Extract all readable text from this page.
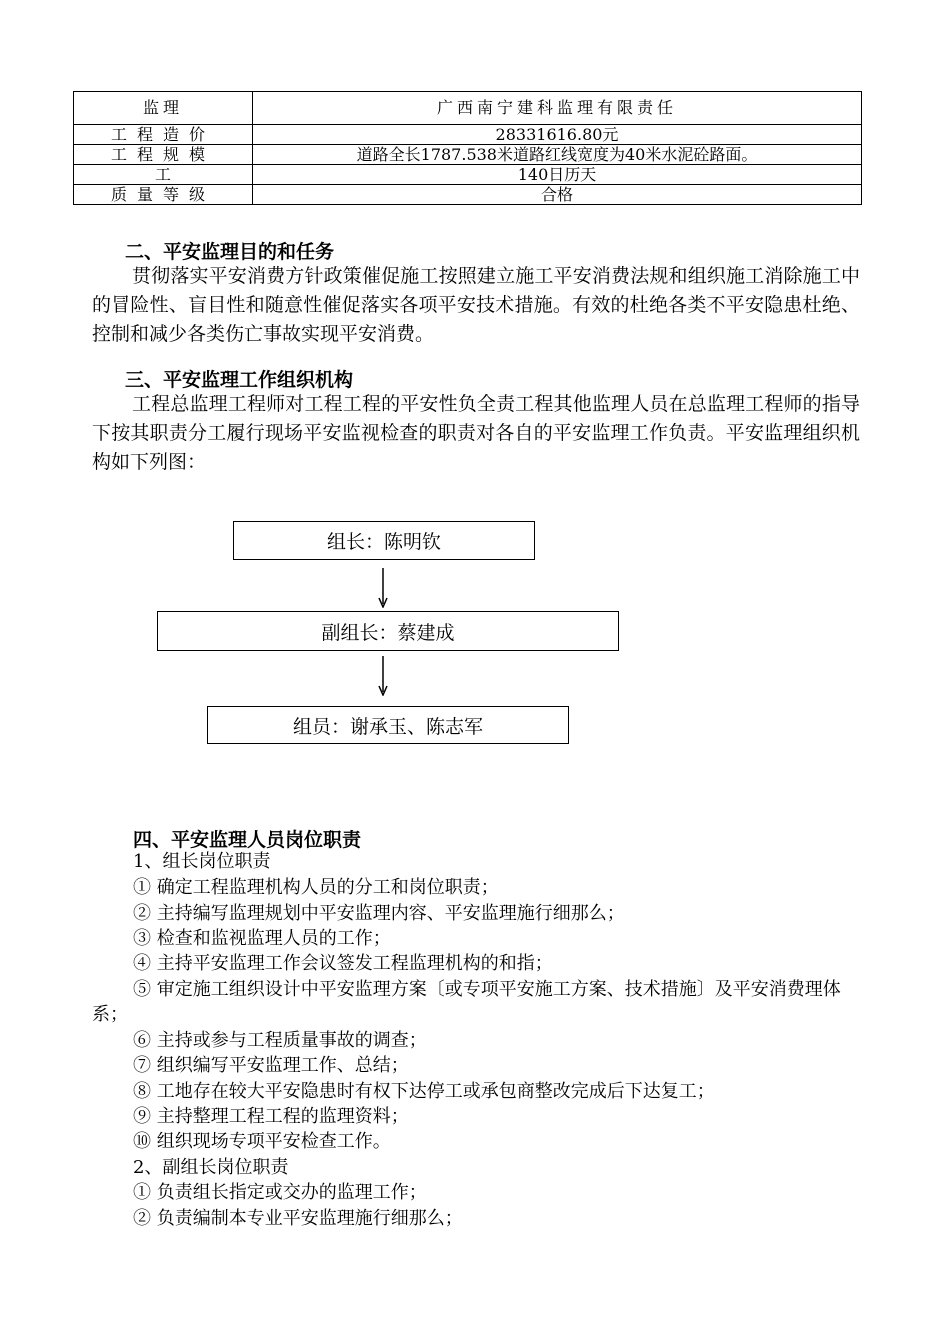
监理	广西南宁建科监理有限责任
工程造价	28331616.80元
工程规模	道路全长1787.538米道路红线宽度为40米水泥砼路面。
工	140日历天
质量等级	合格
二、平安监理目的和任务
贯彻落实平安消费方针政策催促施工按照建立施工平安消费法规和组织施工消除施工中的冒险性、盲目性和随意性催促落实各项平安技术措施。有效的杜绝各类不平安隐患杜绝、控制和减少各类伤亡事故实现平安消费。
三、平安监理工作组织机构
工程总监理工程师对工程工程的平安性负全责工程其他监理人员在总监理工程师的指导下按其职责分工履行现场平安监视检查的职责对各自的平安监理工作负责。平安监理组织机构如下列图：
组长：陈明钦
副组长：蔡建成
组员：谢承玉、陈志军
四、平安监理人员岗位职责
1、组长岗位职责
① 确定工程监理机构人员的分工和岗位职责；
② 主持编写监理规划中平安监理内容、平安监理施行细那么；
③ 检查和监视监理人员的工作；
④ 主持平安监理工作会议签发工程监理机构的和指；
⑤ 审定施工组织设计中平安监理方案〔或专项平安施工方案、技术措施〕及平安消费理体系；
⑥ 主持或参与工程质量事故的调查；
⑦ 组织编写平安监理工作、总结；
⑧ 工地存在较大平安隐患时有权下达停工或承包商整改完成后下达复工；
⑨ 主持整理工程工程的监理资料；
⑩ 组织现场专项平安检查工作。
2、副组长岗位职责
① 负责组长指定或交办的监理工作；
② 负责编制本专业平安监理施行细那么；
